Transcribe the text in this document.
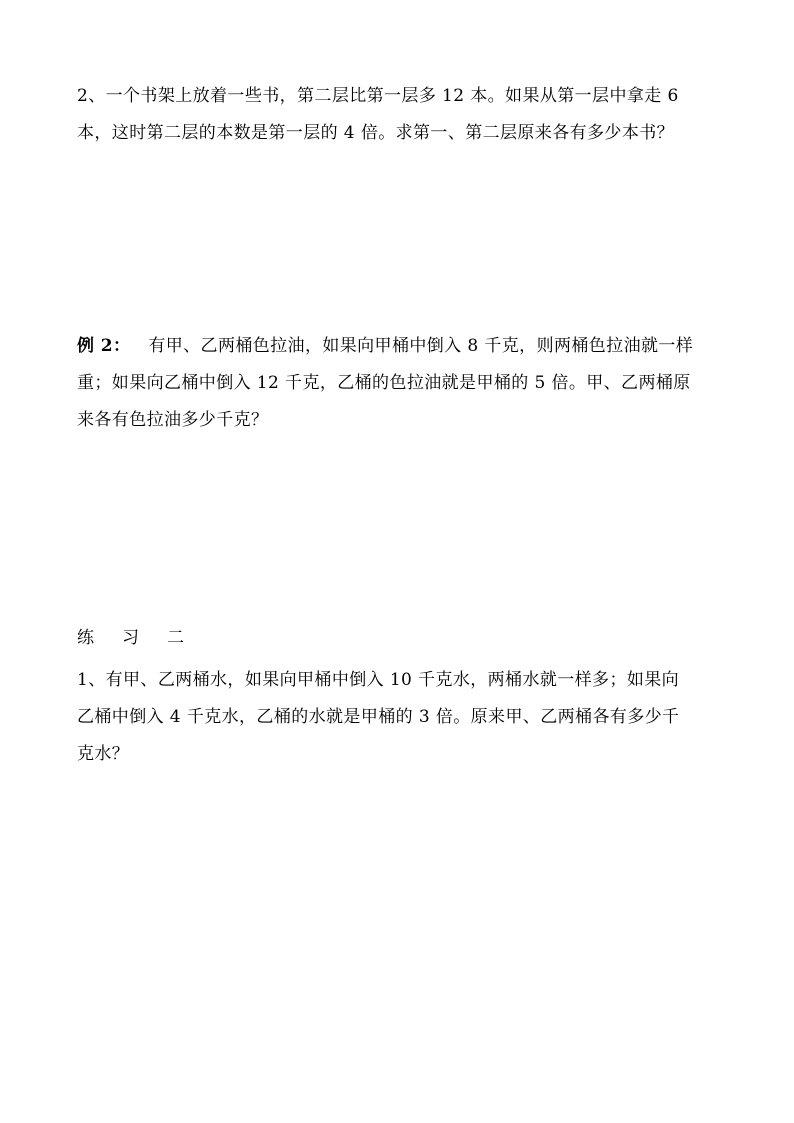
2、一个书架上放着一些书，第二层比第一层多 12 本。如果从第一层中拿走 6
本，这时第二层的本数是第一层的 4 倍。求第一、第二层原来各有多少本书？
例 2： 有甲、乙两桶色拉油，如果向甲桶中倒入 8 千克，则两桶色拉油就一样
重；如果向乙桶中倒入 12 千克，乙桶的色拉油就是甲桶的 5 倍。甲、乙两桶原
来各有色拉油多少千克？
练 习 二
1、有甲、乙两桶水，如果向甲桶中倒入 10 千克水，两桶水就一样多；如果向
乙桶中倒入 4 千克水，乙桶的水就是甲桶的 3 倍。原来甲、乙两桶各有多少千
克水？
